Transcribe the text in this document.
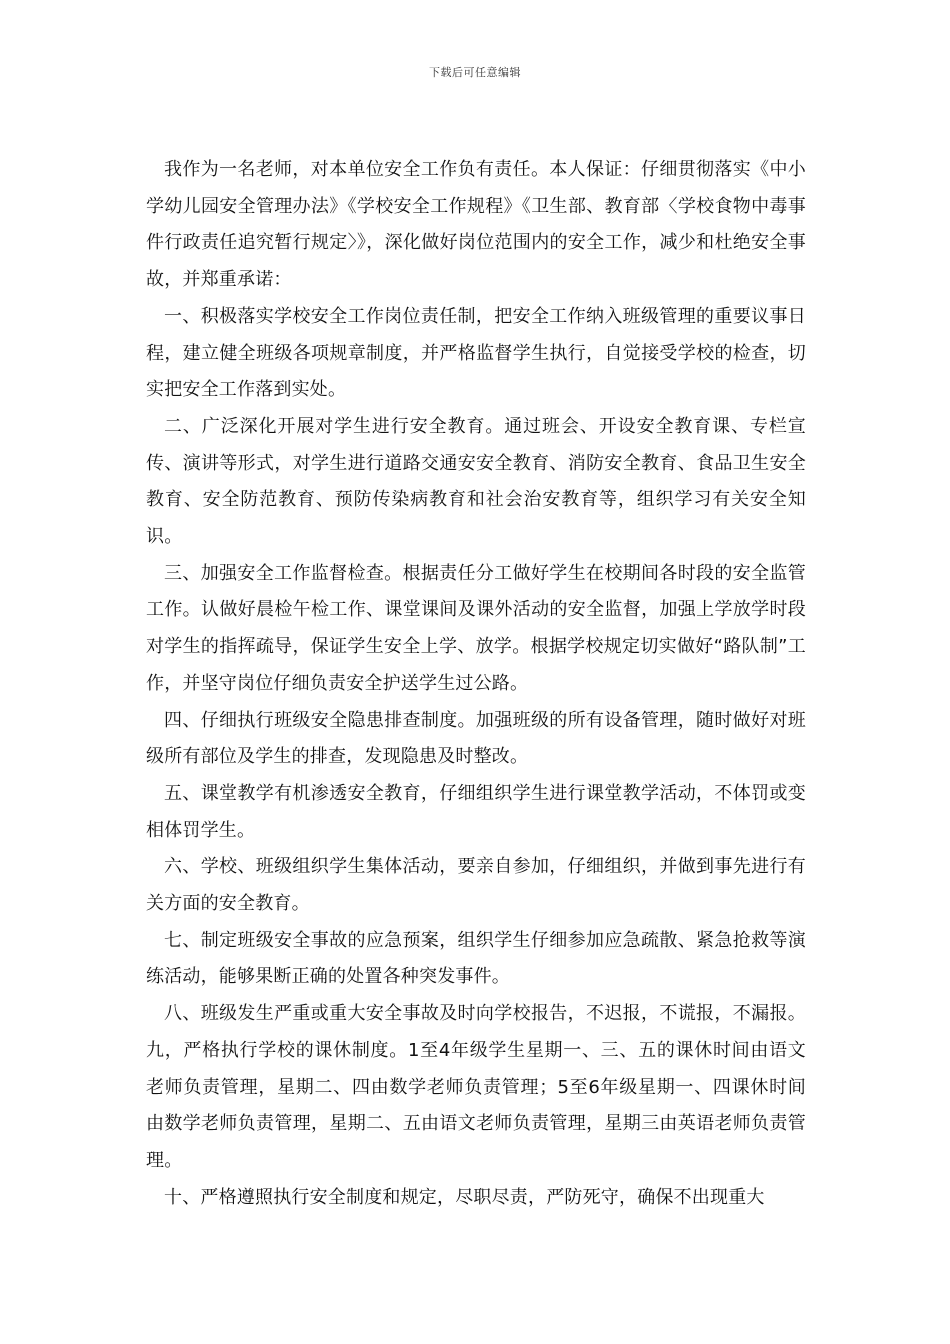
下载后可任意编辑

我作为一名老师，对本单位安全工作负有责任。本人保证：仔细贯彻落实《中小学幼儿园安全管理办法》《学校安全工作规程》《卫生部、教育部〈学校食物中毒事件行政责任追究暂行规定〉》，深化做好岗位范围内的安全工作，减少和杜绝安全事故，并郑重承诺：

一、积极落实学校安全工作岗位责任制，把安全工作纳入班级管理的重要议事日程，建立健全班级各项规章制度，并严格监督学生执行，自觉接受学校的检查，切实把安全工作落到实处。

二、广泛深化开展对学生进行安全教育。通过班会、开设安全教育课、专栏宣传、演讲等形式，对学生进行道路交通安安全教育、消防安全教育、食品卫生安全教育、安全防范教育、预防传染病教育和社会治安教育等，组织学习有关安全知识。

三、加强安全工作监督检查。根据责任分工做好学生在校期间各时段的安全监管工作。认做好晨检午检工作、课堂课间及课外活动的安全监督，加强上学放学时段对学生的指挥疏导，保证学生安全上学、放学。根据学校规定切实做好“路队制”工作，并坚守岗位仔细负责安全护送学生过公路。

四、仔细执行班级安全隐患排查制度。加强班级的所有设备管理，随时做好对班级所有部位及学生的排查，发现隐患及时整改。

五、课堂教学有机渗透安全教育，仔细组织学生进行课堂教学活动，不体罚或变相体罚学生。

六、学校、班级组织学生集体活动，要亲自参加，仔细组织，并做到事先进行有关方面的安全教育。

七、制定班级安全事故的应急预案，组织学生仔细参加应急疏散、紧急抢救等演练活动，能够果断正确的处置各种突发事件。

八、班级发生严重或重大安全事故及时向学校报告，不迟报，不谎报，不漏报。 九，严格执行学校的课休制度。1至4年级学生星期一、三、五的课休时间由语文老师负责管理，星期二、四由数学老师负责管理；5至6年级星期一、四课休时间由数学老师负责管理，星期二、五由语文老师负责管理，星期三由英语老师负责管理。

十、严格遵照执行安全制度和规定，尽职尽责，严防死守，确保不出现重大
